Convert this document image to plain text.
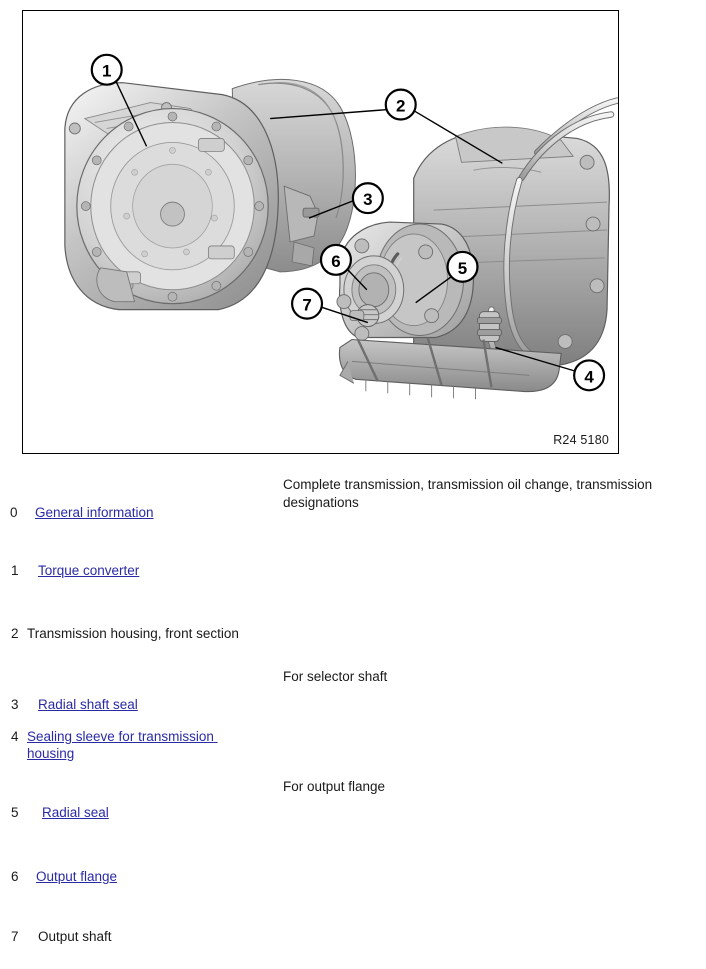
1
2
3
4
5
6
7
R24 5180
Complete transmission, transmission oil change, transmission designations
0 General information
1 Torque converter
2 Transmission housing, front section
For selector shaft
3 Radial shaft seal
4 Sealing sleeve for transmission housing
For output flange
5 Radial seal
6 Output flange
7 Output shaft
